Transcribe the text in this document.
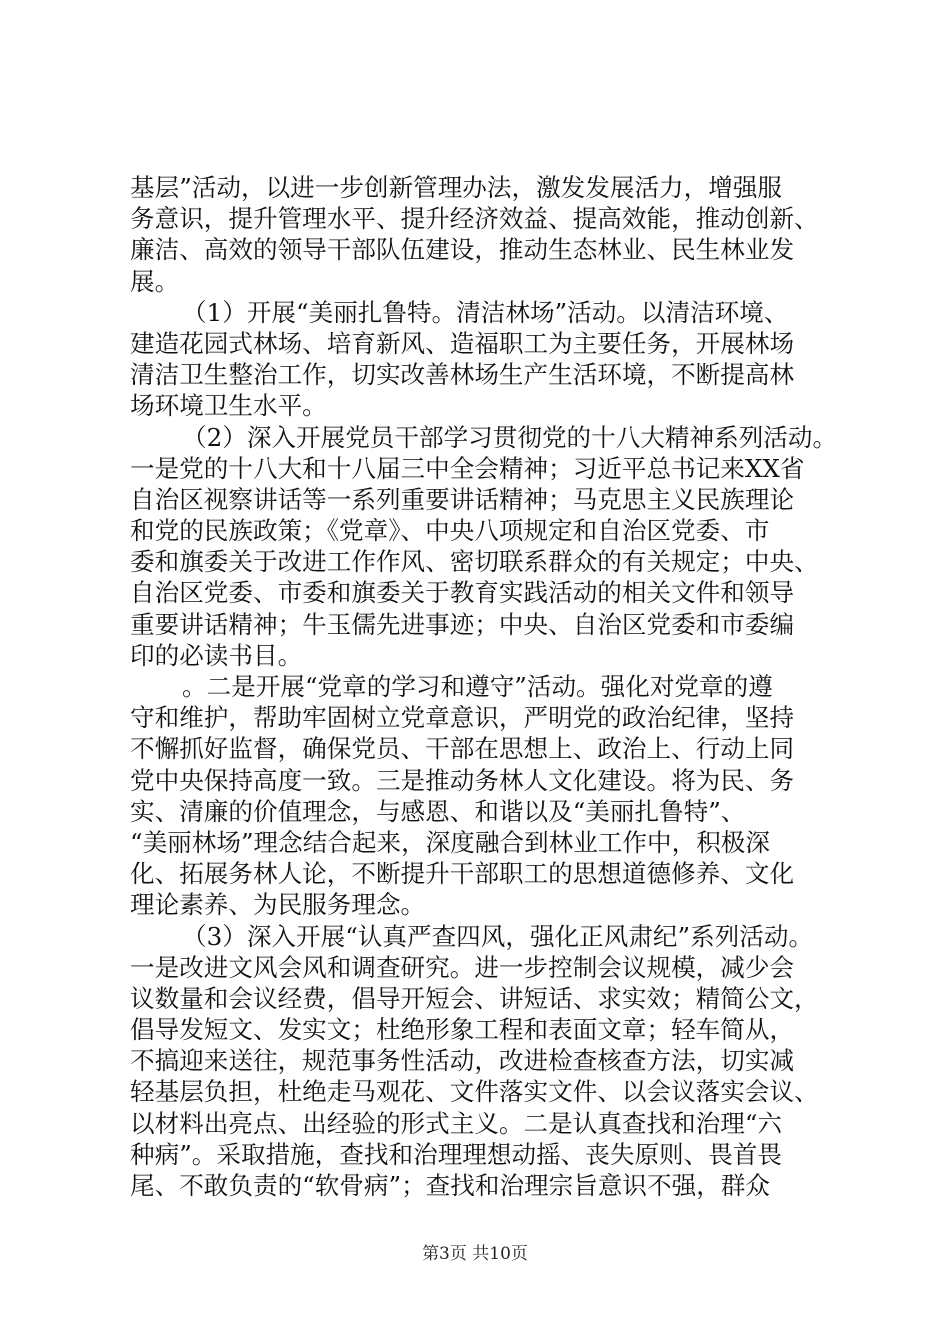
基层”活动，以进一步创新管理办法，激发发展活力，增强服
务意识，提升管理水平、提升经济效益、提高效能，推动创新、
廉洁、高效的领导干部队伍建设，推动生态林业、民生林业发
展。
（1）开展“美丽扎鲁特。清洁林场”活动。以清洁环境、
建造花园式林场、培育新风、造福职工为主要任务，开展林场
清洁卫生整治工作，切实改善林场生产生活环境，不断提高林
场环境卫生水平。
（2）深入开展党员干部学习贯彻党的十八大精神系列活动。
一是党的十八大和十八届三中全会精神；习近平总书记来XX省
自治区视察讲话等一系列重要讲话精神；马克思主义民族理论
和党的民族政策；《党章》、中央八项规定和自治区党委、市
委和旗委关于改进工作作风、密切联系群众的有关规定；中央、
自治区党委、市委和旗委关于教育实践活动的相关文件和领导
重要讲话精神；牛玉儒先进事迹；中央、自治区党委和市委编
印的必读书目。
。二是开展“党章的学习和遵守”活动。强化对党章的遵
守和维护，帮助牢固树立党章意识，严明党的政治纪律，坚持
不懈抓好监督，确保党员、干部在思想上、政治上、行动上同
党中央保持高度一致。三是推动务林人文化建设。将为民、务
实、清廉的价值理念，与感恩、和谐以及“美丽扎鲁特”、
“美丽林场”理念结合起来，深度融合到林业工作中，积极深
化、拓展务林人论，不断提升干部职工的思想道德修养、文化
理论素养、为民服务理念。
（3）深入开展“认真严查四风，强化正风肃纪”系列活动。
一是改进文风会风和调查研究。进一步控制会议规模，减少会
议数量和会议经费，倡导开短会、讲短话、求实效；精简公文，
倡导发短文、发实文；杜绝形象工程和表面文章；轻车简从，
不搞迎来送往，规范事务性活动，改进检查核查方法，切实减
轻基层负担，杜绝走马观花、文件落实文件、以会议落实会议、
以材料出亮点、出经验的形式主义。二是认真查找和治理“六
种病”。采取措施，查找和治理理想动摇、丧失原则、畏首畏
尾、不敢负责的“软骨病”；查找和治理宗旨意识不强，群众
第3页 共10页
